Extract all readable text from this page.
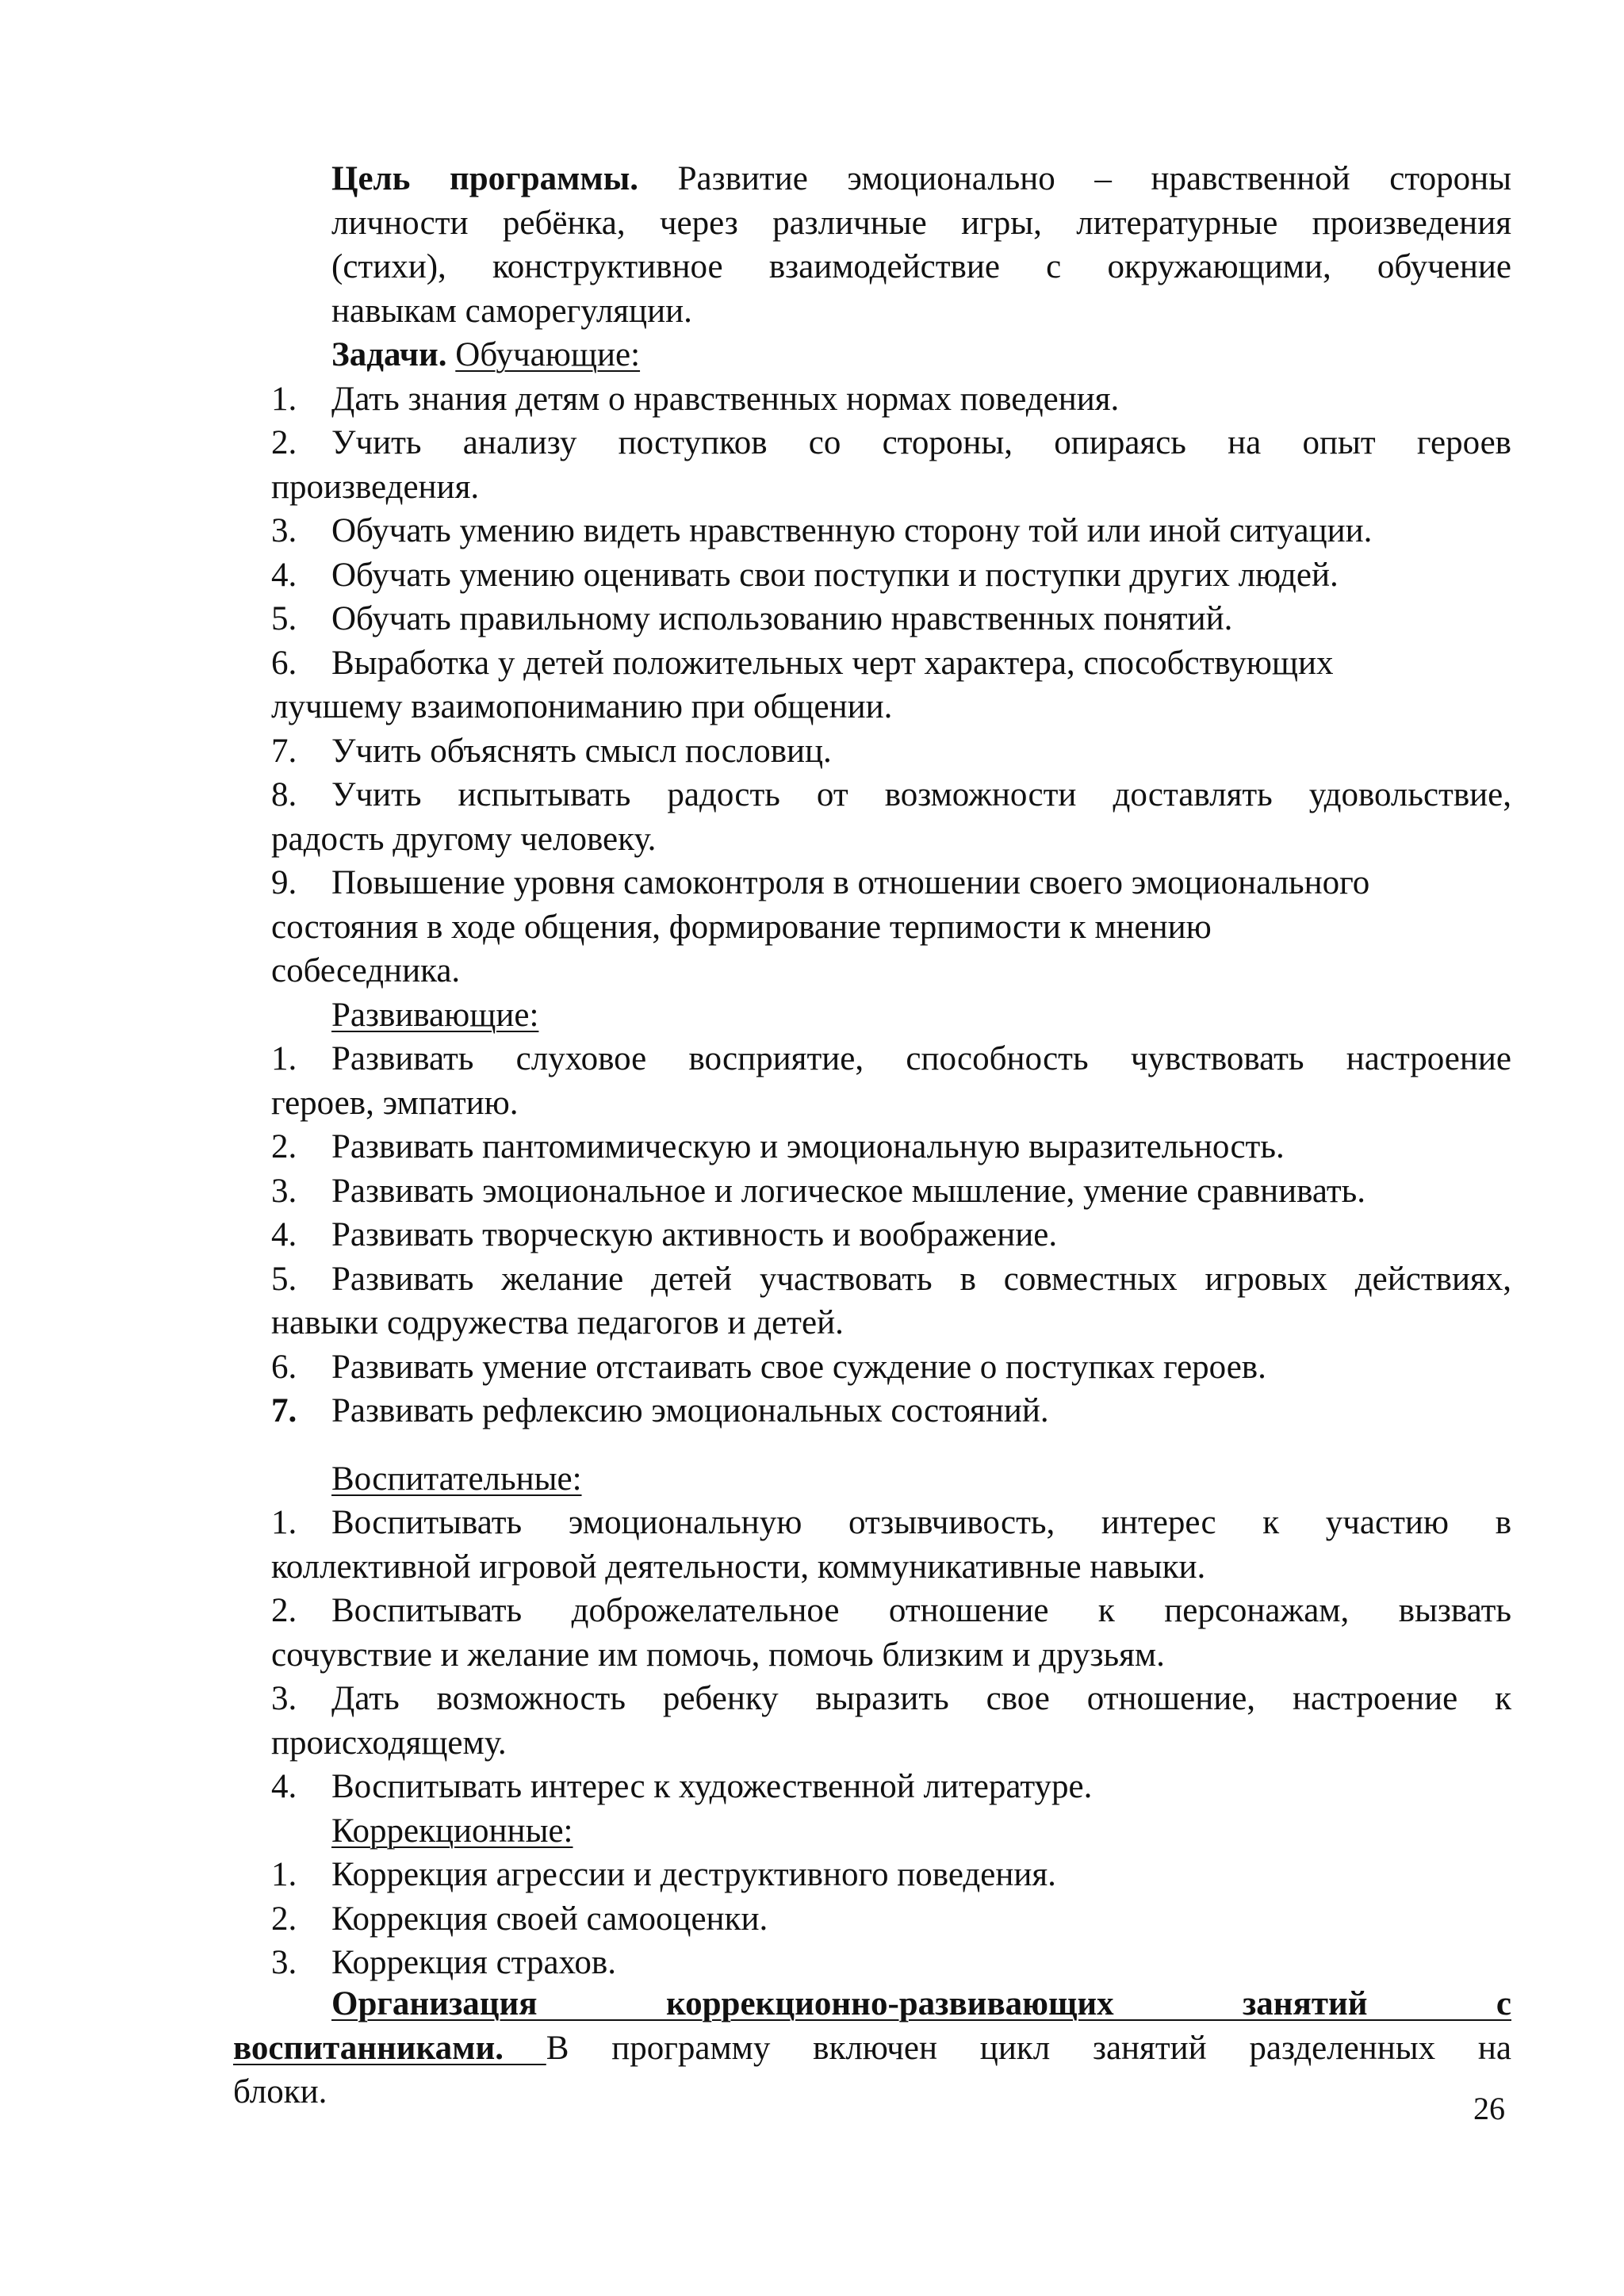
Цель программы. Развитие эмоционально – нравственной стороны
личности ребёнка, через различные игры, литературные произведения
(стихи), конструктивное взаимодействие с окружающими, обучение
навыкам саморегуляции.
Задачи. Обучающие:
1. Дать знания детям о нравственных нормах поведения.
2. Учить анализу поступков со стороны, опираясь на опыт героев
произведения.
3. Обучать умению видеть нравственную сторону той или иной ситуации.
4. Обучать умению оценивать свои поступки и поступки других людей.
5. Обучать правильному использованию нравственных понятий.
6. Выработка у детей положительных черт характера, способствующих
лучшему взаимопониманию при общении.
7. Учить объяснять смысл пословиц.
8. Учить испытывать радость от возможности доставлять удовольствие,
радость другому человеку.
9. Повышение уровня самоконтроля в отношении своего эмоционального
состояния в ходе общения, формирование терпимости к мнению
собеседника.
Развивающие:
1. Развивать слуховое восприятие, способность чувствовать настроение
героев, эмпатию.
2. Развивать пантомимическую и эмоциональную выразительность.
3. Развивать эмоциональное и логическое мышление, умение сравнивать.
4. Развивать творческую активность и воображение.
5. Развивать желание детей участвовать в совместных игровых действиях,
навыки содружества педагогов и детей.
6. Развивать умение отстаивать свое суждение о поступках героев.
7. Развивать рефлексию эмоциональных состояний.
Воспитательные:
1. Воспитывать эмоциональную отзывчивость, интерес к участию в
коллективной игровой деятельности, коммуникативные навыки.
2. Воспитывать доброжелательное отношение к персонажам, вызвать
сочувствие и желание им помочь, помочь близким и друзьям.
3. Дать возможность ребенку выразить свое отношение, настроение к
происходящему.
4. Воспитывать интерес к художественной литературе.
Коррекционные:
1. Коррекция агрессии и деструктивного поведения.
2. Коррекция своей самооценки.
3. Коррекция страхов.
Организация коррекционно-развивающих занятий с
воспитанниками. В программу включен цикл занятий разделенных на
блоки.	26
